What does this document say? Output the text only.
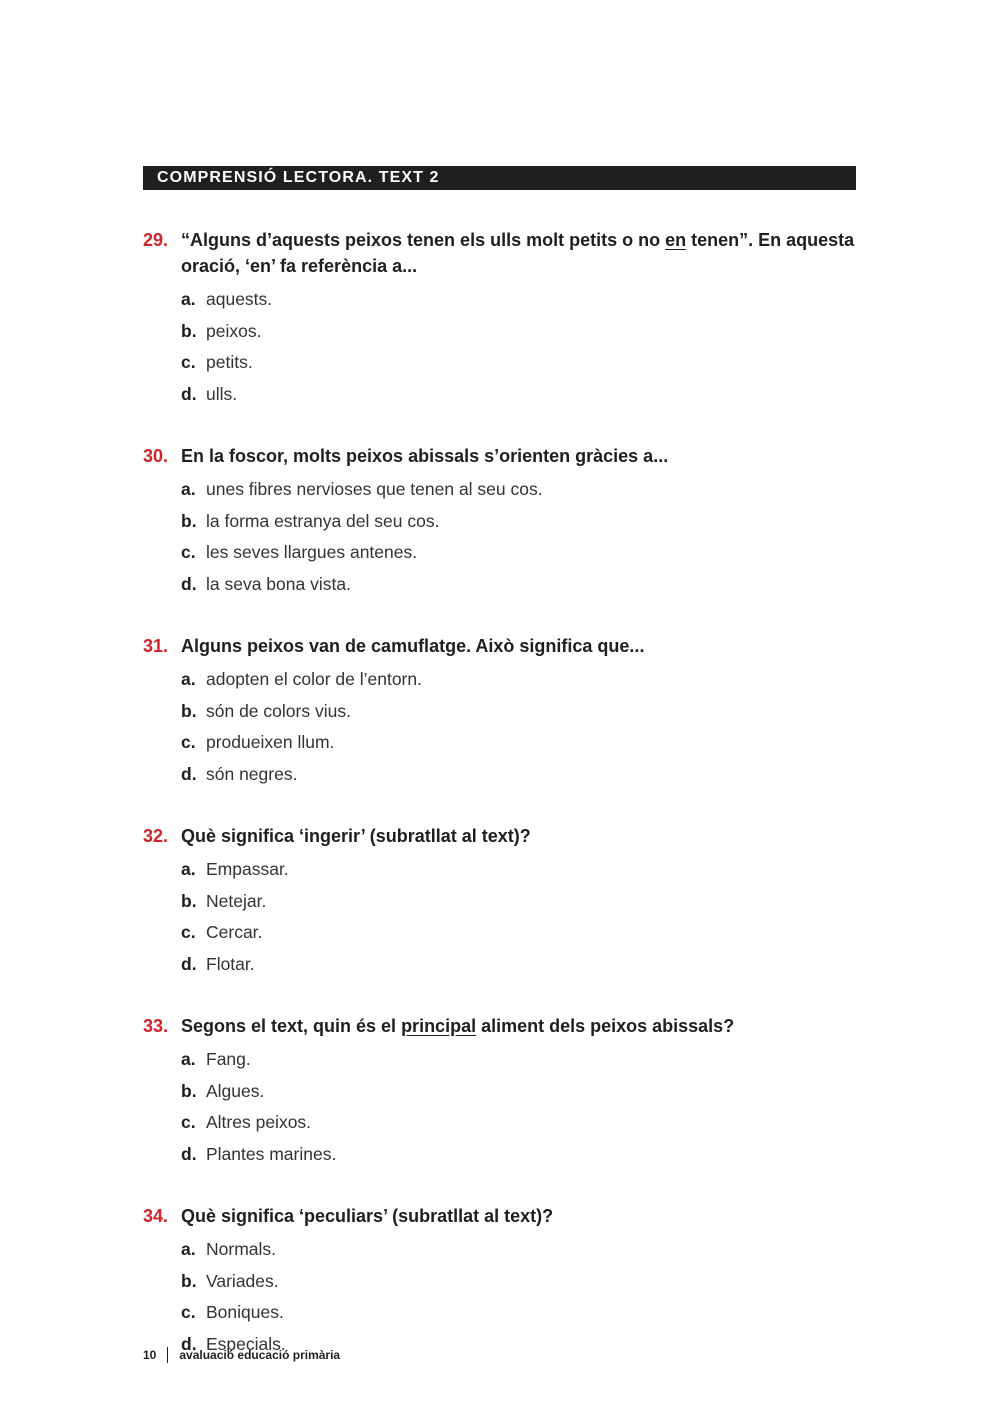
COMPRENSIÓ LECTORA. TEXT 2
29. “Alguns d’aquests peixos tenen els ulls molt petits o no en tenen”. En aquesta oració, ‘en’ fa referència a...
a. aquests.
b. peixos.
c. petits.
d. ulls.
30. En la foscor, molts peixos abissals s’orienten gràcies a...
a. unes fibres nervioses que tenen al seu cos.
b. la forma estranya del seu cos.
c. les seves llargues antenes.
d. la seva bona vista.
31. Alguns peixos van de camuflatge. Això significa que...
a. adopten el color de l’entorn.
b. són de colors vius.
c. produeixen llum.
d. són negres.
32. Què significa ‘ingerir’ (subratllat al text)?
a. Empassar.
b. Netejar.
c. Cercar.
d. Flotar.
33. Segons el text, quin és el principal aliment dels peixos abissals?
a. Fang.
b. Algues.
c. Altres peixos.
d. Plantes marines.
34. Què significa ‘peculiars’ (subratllat al text)?
a. Normals.
b. Variades.
c. Boniques.
d. Especials.
10 avaluació educació primària
